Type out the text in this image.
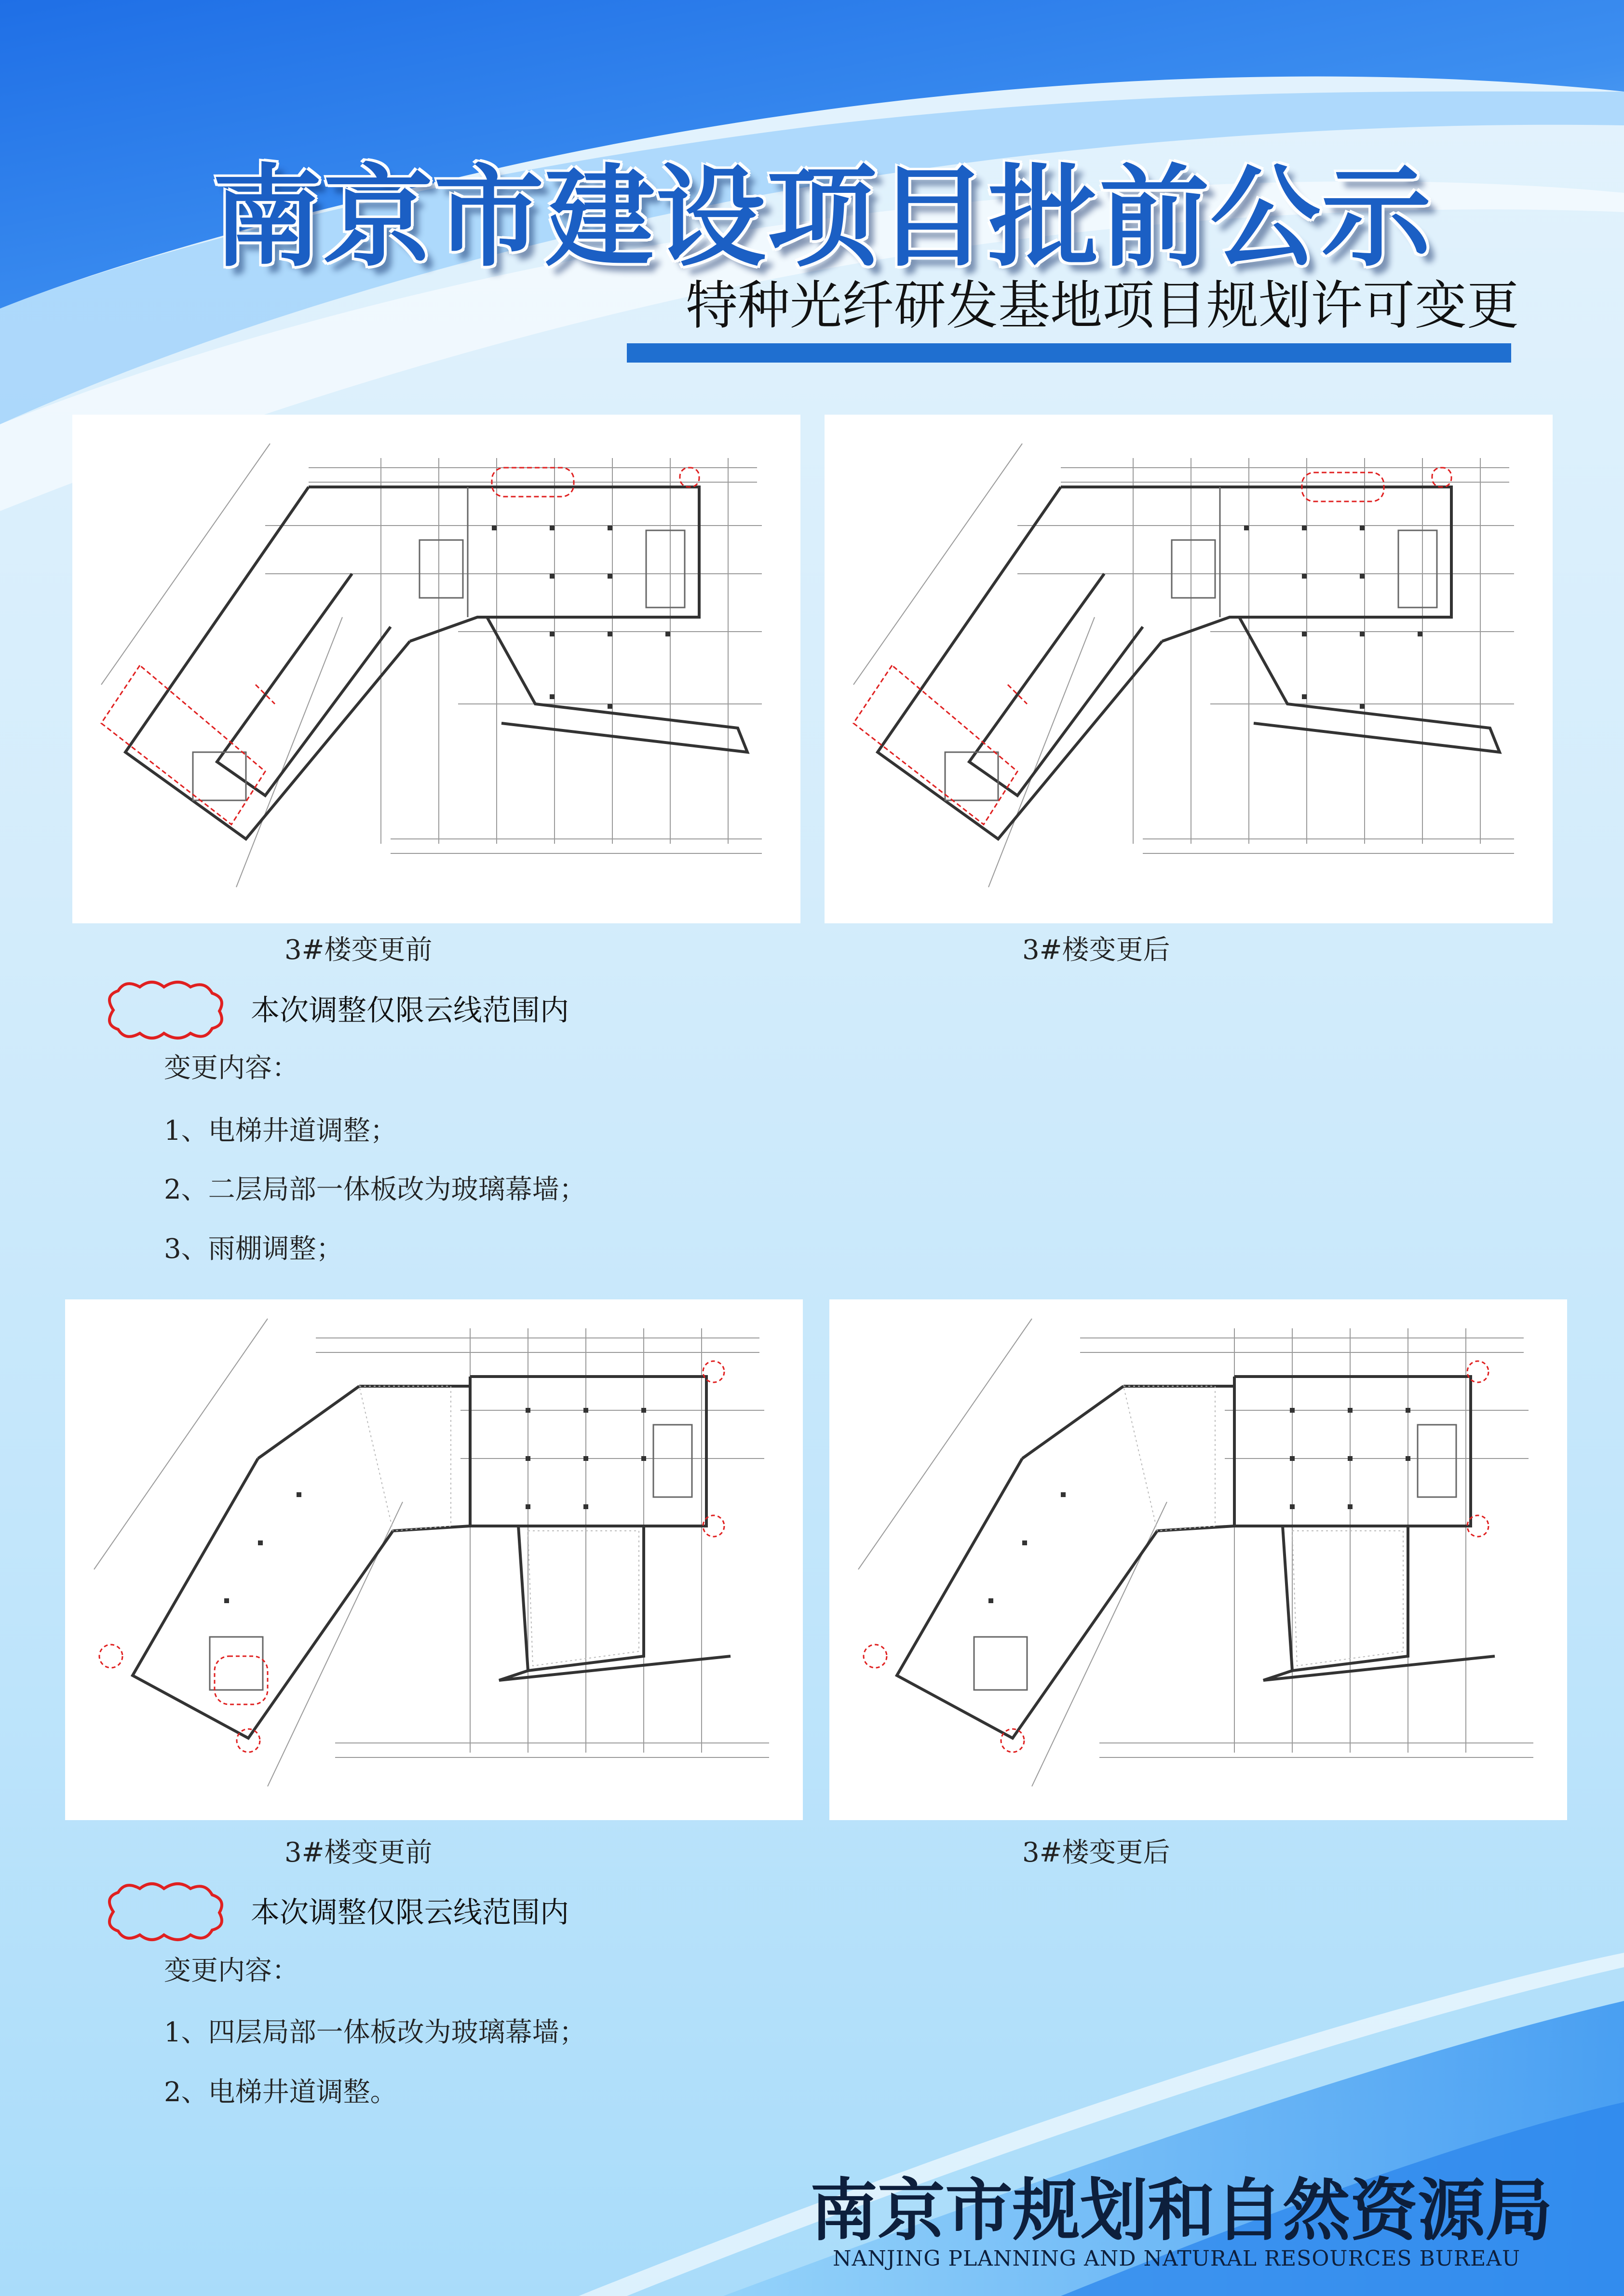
南京市建设项目批前公示
特种光纤研发基地项目规划许可变更
3#楼变更前	3#楼变更后
本次调整仅限云线范围内
变更内容：
1、电梯井道调整；
2、二层局部一体板改为玻璃幕墙；
3、雨棚调整；
3#楼变更前	3#楼变更后
本次调整仅限云线范围内
变更内容：
1、四层局部一体板改为玻璃幕墙；
2、电梯井道调整。
南京市规划和自然资源局
NANJING PLANNING AND NATURAL RESOURCES BUREAU
